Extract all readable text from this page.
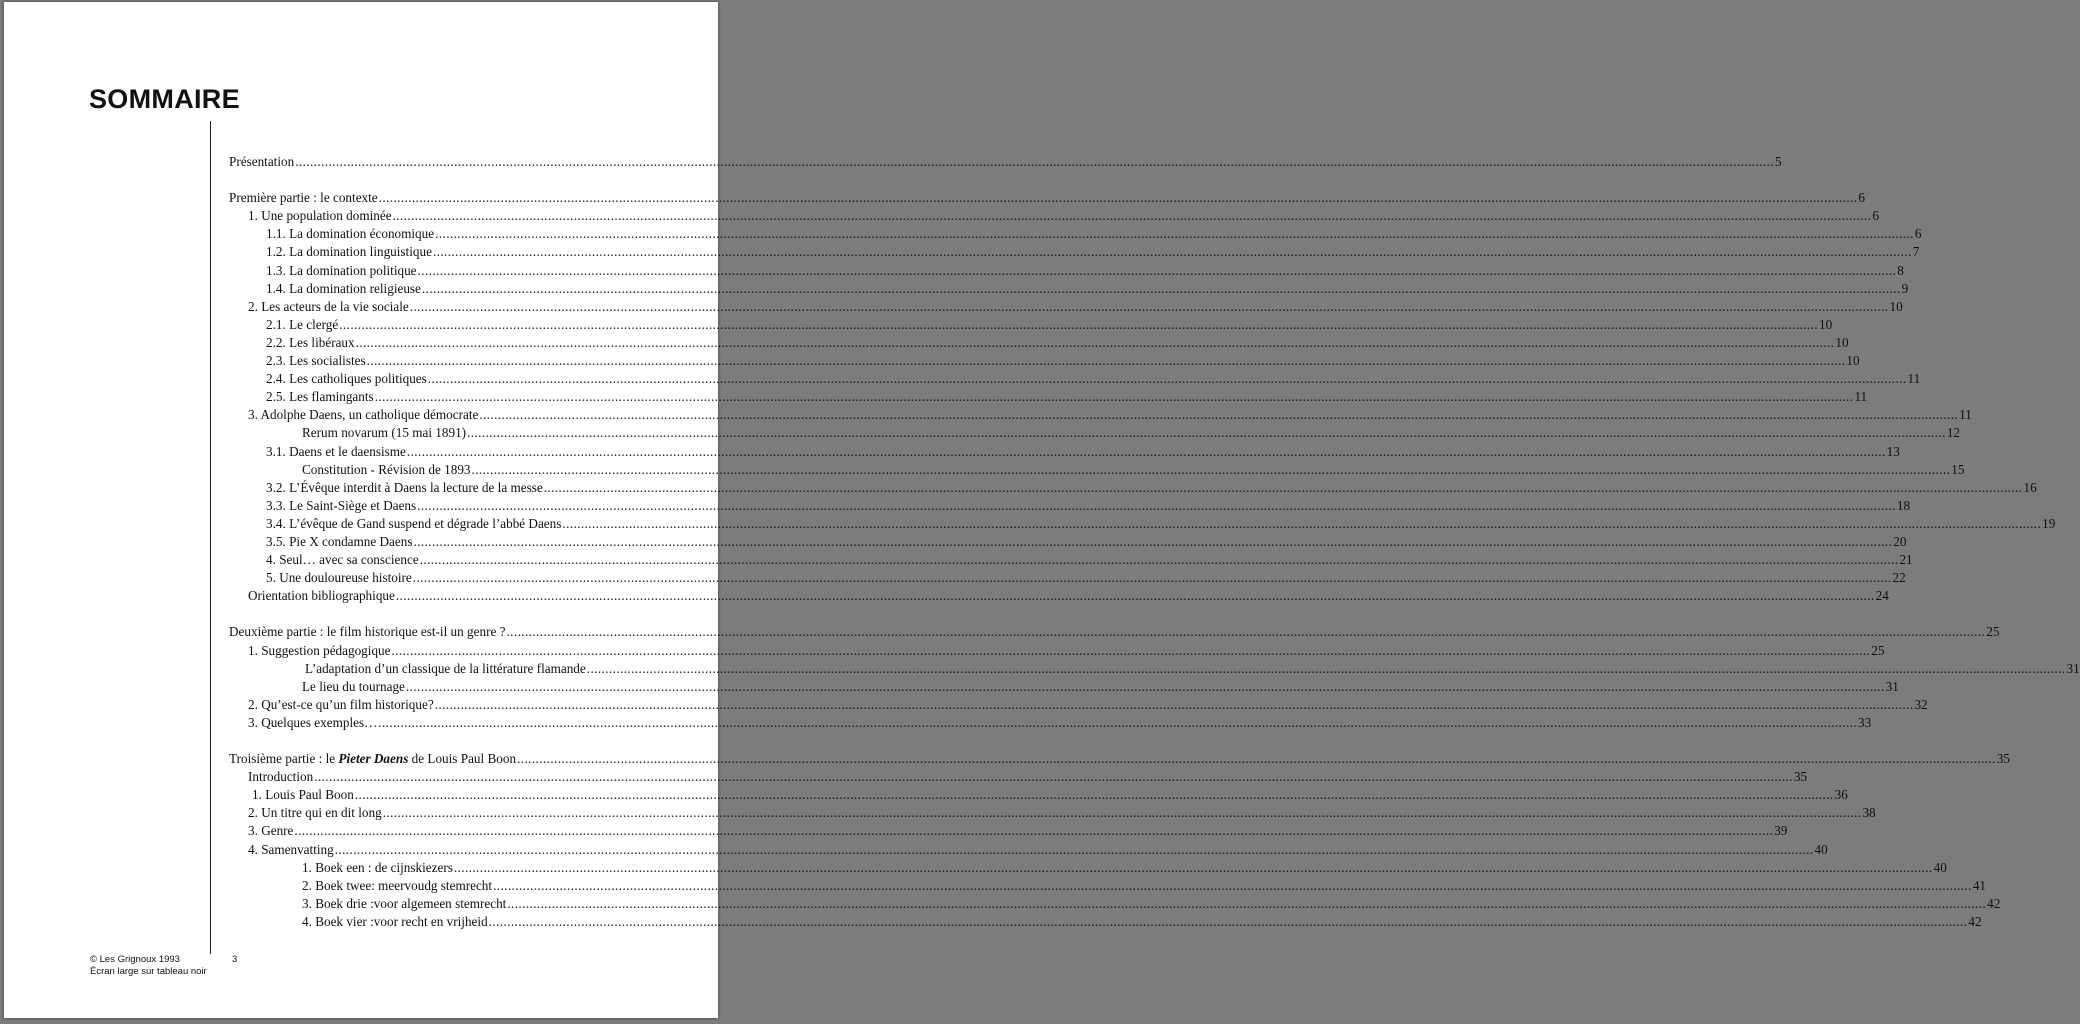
SOMMAIRE
Présentation ................................................................................................................................................................................................................................................................................................................................................................................................................ 5
Première partie : le contexte ................................................................................................................................................................................................................................................................................................................................................................................................................ 6
1. Une population dominée ................................................................................................................................................................................................................................................................................................................................................................................................................ 6
1.1. La domination économique ................................................................................................................................................................................................................................................................................................................................................................................................................ 6
1.2. La domination linguistique ................................................................................................................................................................................................................................................................................................................................................................................................................ 7
1.3. La domination politique ................................................................................................................................................................................................................................................................................................................................................................................................................ 8
1.4. La domination religieuse ................................................................................................................................................................................................................................................................................................................................................................................................................ 9
2. Les acteurs de la vie sociale ................................................................................................................................................................................................................................................................................................................................................................................................................ 10
2.1. Le clergé ................................................................................................................................................................................................................................................................................................................................................................................................................ 10
2.2. Les libéraux ................................................................................................................................................................................................................................................................................................................................................................................................................ 10
2.3. Les socialistes ................................................................................................................................................................................................................................................................................................................................................................................................................ 10
2.4. Les catholiques politiques ................................................................................................................................................................................................................................................................................................................................................................................................................ 11
2.5. Les flamingants ................................................................................................................................................................................................................................................................................................................................................................................................................ 11
3. Adolphe Daens, un catholique démocrate ................................................................................................................................................................................................................................................................................................................................................................................................................ 11
Rerum novarum (15 mai 1891) ................................................................................................................................................................................................................................................................................................................................................................................................................ 12
3.1. Daens et le daensisme ................................................................................................................................................................................................................................................................................................................................................................................................................ 13
Constitution - Révision de 1893 ................................................................................................................................................................................................................................................................................................................................................................................................................ 15
3.2. L’Évêque interdit à Daens la lecture de la messe ................................................................................................................................................................................................................................................................................................................................................................................................................ 16
3.3. Le Saint-Siège et Daens ................................................................................................................................................................................................................................................................................................................................................................................................................ 18
3.4. L’évêque de Gand suspend et dégrade l’abbé Daens ................................................................................................................................................................................................................................................................................................................................................................................................................ 19
3.5. Pie X condamne Daens ................................................................................................................................................................................................................................................................................................................................................................................................................ 20
4. Seul… avec sa conscience ................................................................................................................................................................................................................................................................................................................................................................................................................ 21
5. Une douloureuse histoire ................................................................................................................................................................................................................................................................................................................................................................................................................ 22
Orientation bibliographique ................................................................................................................................................................................................................................................................................................................................................................................................................ 24
Deuxième partie : le film historique est-il un genre ? ................................................................................................................................................................................................................................................................................................................................................................................................................ 25
1. Suggestion pédagogique ................................................................................................................................................................................................................................................................................................................................................................................................................ 25
L’adaptation d’un classique de la littérature flamande ................................................................................................................................................................................................................................................................................................................................................................................................................ 31
Le lieu du tournage ................................................................................................................................................................................................................................................................................................................................................................................................................ 31
2. Qu’est-ce qu’un film historique? ................................................................................................................................................................................................................................................................................................................................................................................................................ 32
3. Quelques exemples… ................................................................................................................................................................................................................................................................................................................................................................................................................ 33
Troisième partie : le Pieter Daens de Louis Paul Boon ................................................................................................................................................................................................................................................................................................................................................................................................................ 35
Introduction ................................................................................................................................................................................................................................................................................................................................................................................................................ 35
1. Louis Paul Boon ................................................................................................................................................................................................................................................................................................................................................................................................................ 36
2. Un titre qui en dit long ................................................................................................................................................................................................................................................................................................................................................................................................................ 38
3. Genre ................................................................................................................................................................................................................................................................................................................................................................................................................ 39
4. Samenvatting ................................................................................................................................................................................................................................................................................................................................................................................................................ 40
1. Boek een : de cijnskiezers ................................................................................................................................................................................................................................................................................................................................................................................................................ 40
2. Boek twee: meervoudg stemrecht ................................................................................................................................................................................................................................................................................................................................................................................................................ 41
3. Boek drie :voor algemeen stemrecht ................................................................................................................................................................................................................................................................................................................................................................................................................ 42
4. Boek vier :voor recht en vrijheid ................................................................................................................................................................................................................................................................................................................................................................................................................ 42
© Les Grignoux 1993	3
Écran large sur tableau noir
